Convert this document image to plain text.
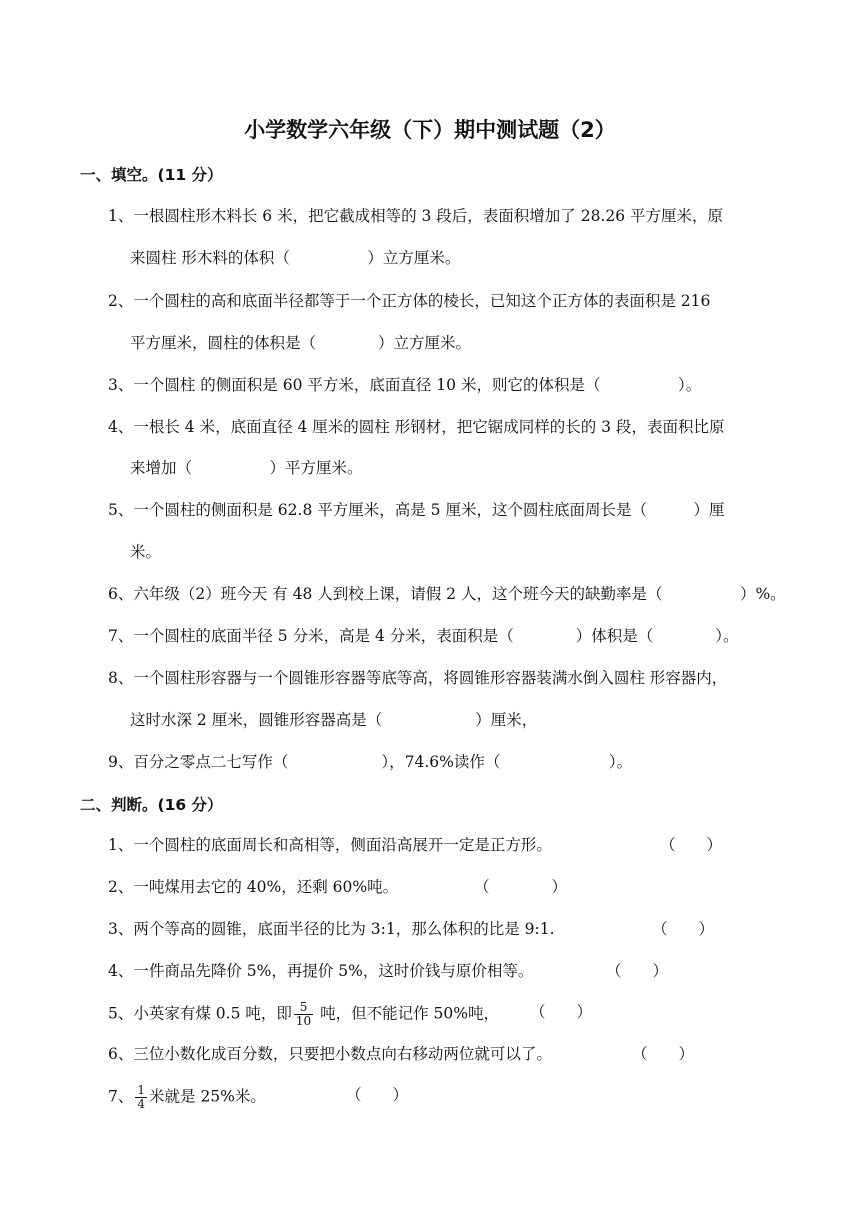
小学数学六年级（下）期中测试题（2）
一、填空。(11 分）
1、一根圆柱形木料长 6 米，把它截成相等的 3 段后，表面积增加了 28.26 平方厘米，原
来圆柱 形木料的体积（　　　　　）立方厘米。
2、一个圆柱的高和底面半径都等于一个正方体的棱长，已知这个正方体的表面积是 216
平方厘米，圆柱的体积是（　　　　）立方厘米。
3、一个圆柱 的侧面积是 60 平方米，底面直径 10 米，则它的体积是（　　　　　）。
4、一根长 4 米，底面直径 4 厘米的圆柱 形钢材，把它锯成同样的长的 3 段，表面积比原
来增加（　　　　　）平方厘米。
5、一个圆柱的侧面积是 62.8 平方厘米，高是 5 厘米，这个圆柱底面周长是（　　　）厘
米。
6、六年级（2）班今天 有 48 人到校上课，请假 2 人，这个班今天的缺勤率是（　　　　　）%。
7、一个圆柱的底面半径 5 分米，高是 4 分米，表面积是（　　　　）体积是（　　　　）。
8、一个圆柱形容器与一个圆锥形容器等底等高，将圆锥形容器装满水倒入圆柱 形容器内，
这时水深 2 厘米，圆锥形容器高是（　　　　　　）厘米，
9、百分之零点二七写作（　　　　　　），74.6%读作（　　　　　　　）。
二、判断。(16 分）
1、一个圆柱的底面周长和高相等，侧面沿高展开一定是正方形。	（　　）
2、一吨煤用去它的 40%，还剩 60%吨。	（　　　　）
3、两个等高的圆锥，底面半径的比为 3:1，那么体积的比是 9:1.	（　　）
4、一件商品先降价 5%，再提价 5%，这时价钱与原价相等。	（　　）
5、小英家有煤 0.5 吨，即 $\frac{5}{10}$ 吨，但不能记作 50%吨， （　　）
6、三位小数化成百分数，只要把小数点向右移动两位就可以了。	（　　）
7、 $\frac{1}{4}$ 米就是 25%米。	（　　）
